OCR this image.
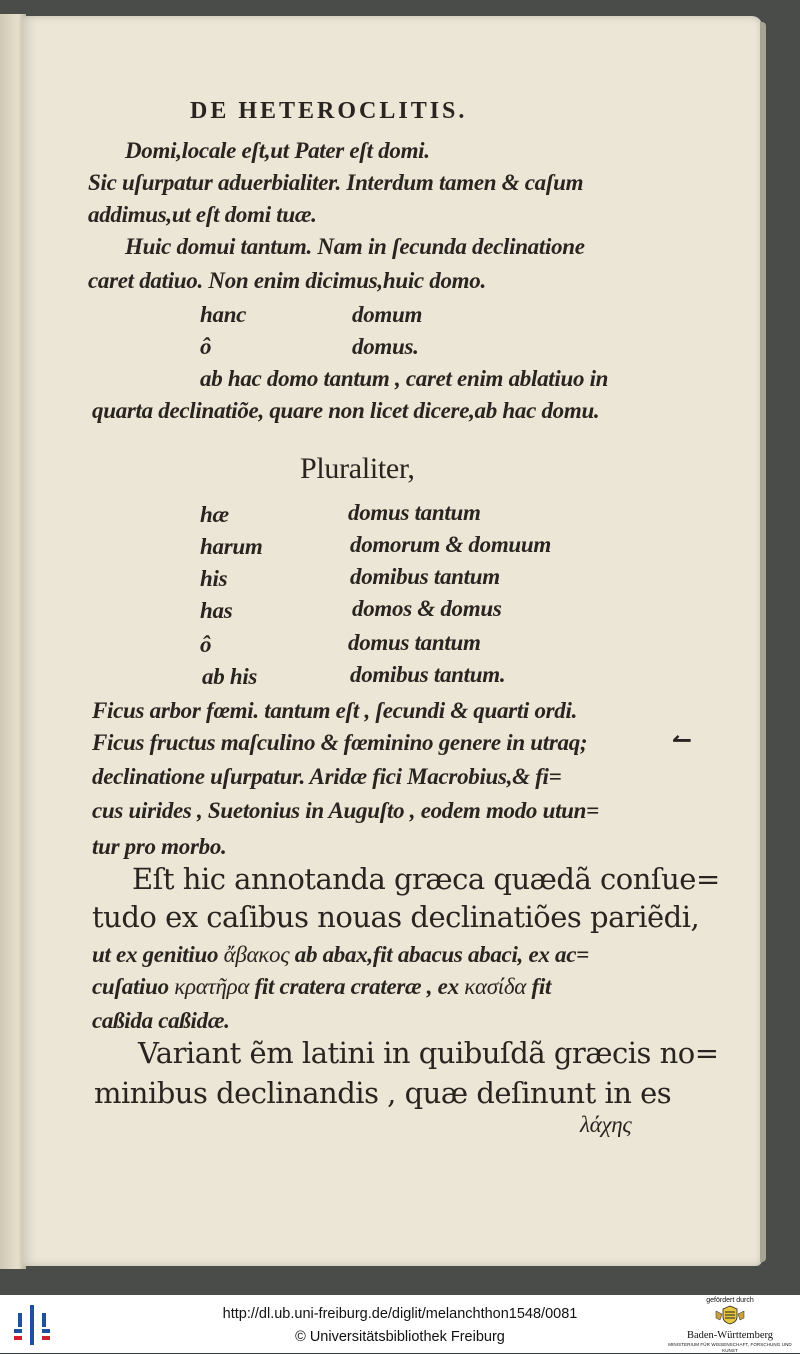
DE HETEROCLITIS.
Domi,locale eſt,ut Pater eſt domi.
Sic uſurpatur aduerbialiter. Interdum tamen & caſum
addimus,ut eſt domi tuæ.
Huic domui tantum. Nam in ſecunda declinatione
caret datiuo. Non enim dicimus,huic domo.
hanc	domum
ô	domus.
ab hac domo tantum , caret enim ablatiuo in
quarta declinatiõe, quare non licet dicere,ab hac domu.
Pluraliter,
hæ	domus tantum
harum	domorum & domuum
his	domibus tantum
has	domos & domus
ô	domus tantum
ab his	domibus tantum.
Ficus arbor fœmi. tantum eſt , ſecundi & quarti ordi.
Ficus fructus maſculino & fœminino genere in utraq;	↼
declinatione uſurpatur. Aridæ fici Macrobius,& fi=
cus uirides , Suetonius in Auguſto , eodem modo utun=
tur pro morbo.
Eſt hic annotanda græca quædã conſue=
tudo ex caſibus nouas declinatiões pariẽdi,
ut ex genitiuo ἄβακος ab abax,fit abacus abaci, ex ac=
cuſatiuo κρατῆρα fit cratera crateræ , ex κασίδα fit
caßida caßidæ.
Variant ẽm latini in quibuſdã græcis no=
minibus declinandis , quæ deſinunt in es
λάχης
http://dl.ub.uni-freiburg.de/diglit/melanchthon1548/0081
© Universitätsbibliothek Freiburg
gefördert durch
Baden-Württemberg
MINISTERIUM FÜR WISSENSCHAFT, FORSCHUNG UND KUNST
